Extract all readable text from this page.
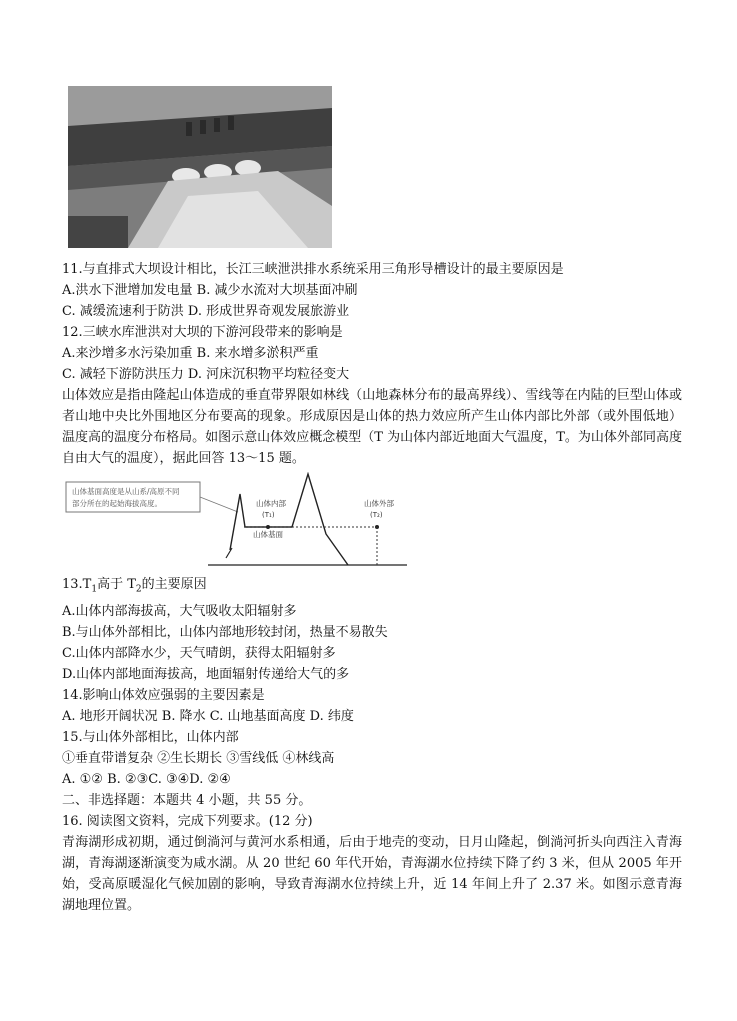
11.与直排式大坝设计相比，长江三峡泄洪排水系统采用三角形导槽设计的最主要原因是

A.洪水下泄增加发电量 B. 减少水流对大坝基面冲刷

C. 减缓流速利于防洪 D. 形成世界奇观发展旅游业

12.三峡水库泄洪对大坝的下游河段带来的影响是

A.来沙增多水污染加重 B. 来水增多淤积严重

C. 减轻下游防洪压力 D. 河床沉积物平均粒径变大

山体效应是指由隆起山体造成的垂直带界限如林线（山地森林分布的最高界线）、雪线等在内陆的巨型山体或者山地中央比外围地区分布要高的现象。形成原因是山体的热力效应所产生山体内部比外部（或外围低地）温度高的温度分布格局。如图示意山体效应概念模型（T 为山体内部近地面大气温度，T。为山体外部同高度自由大气的温度），据此回答 13～15 题。

山体基面高度是从山系/高原不同
部分所在的起始海拔高度。	山体内部
(T₁)
山体外部
(T₂)
山体基面

$13.T_1$高于 $T_2$的主要原因

A.山体内部海拔高，大气吸收太阳辐射多

B.与山体外部相比，山体内部地形较封闭，热量不易散失

C.山体内部降水少，天气晴朗，获得太阳辐射多

D.山体内部地面海拔高，地面辐射传递给大气的多

14.影响山体效应强弱的主要因素是

A. 地形开阔状况 B. 降水 C. 山地基面高度 D. 纬度

15.与山体外部相比，山体内部

①垂直带谱复杂 ②生长期长 ③雪线低 ④林线高

A. ①② B. ②③C. ③④D. ②④

二、非选择题：本题共 4 小题，共 55 分。

16. 阅读图文资料，完成下列要求。(12 分)

青海湖形成初期，通过倒淌河与黄河水系相通，后由于地壳的变动，日月山隆起，倒淌河折头向西注入青海湖，青海湖逐渐演变为咸水湖。从 20 世纪 60 年代开始，青海湖水位持续下降了约 3 米，但从 2005 年开始，受高原暖湿化气候加剧的影响，导致青海湖水位持续上升，近 14 年间上升了 2.37 米。如图示意青海湖地理位置。
